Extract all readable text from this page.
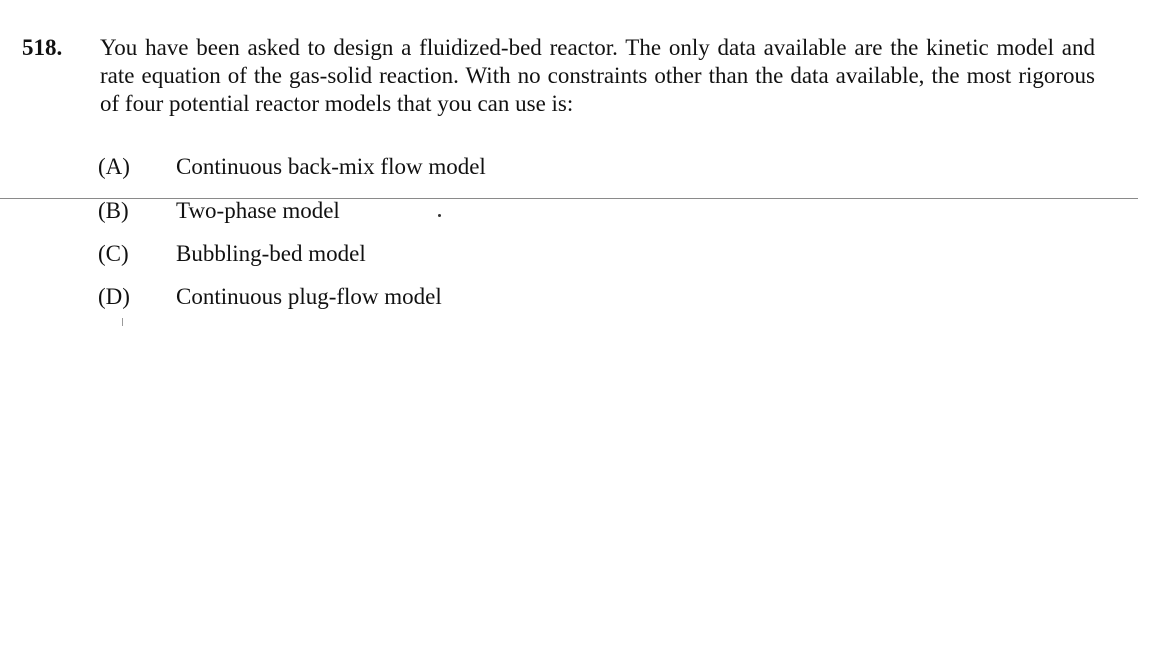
518. You have been asked to design a fluidized-bed reactor. The only data available are the kinetic model and rate equation of the gas-solid reaction. With no constraints other than the data available, the most rigorous of four potential reactor models that you can use is:
(A) Continuous back-mix flow model
(B) Two-phase model
(C) Bubbling-bed model
(D) Continuous plug-flow model
